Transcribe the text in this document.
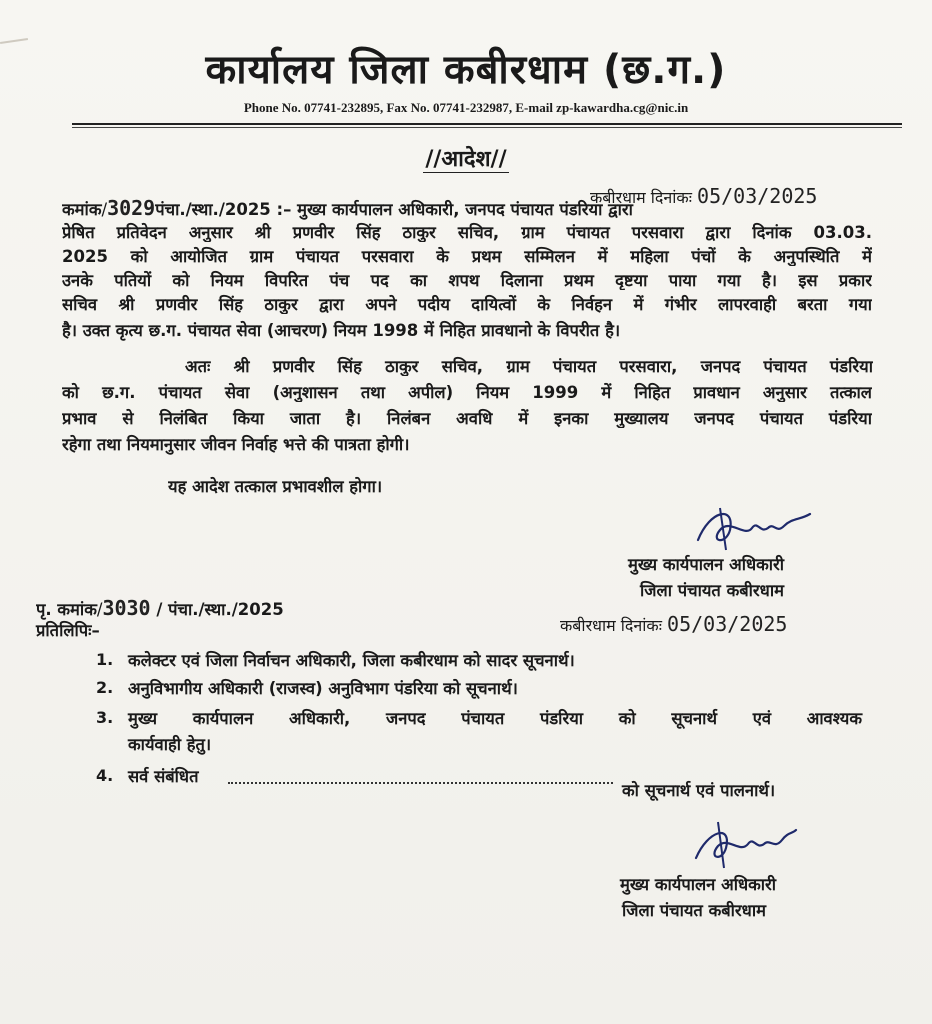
कार्यालय जिला कबीरधाम (छ.ग.)
Phone No. 07741-232895, Fax No. 07741-232987, E-mail zp-kawardha.cg@nic.in
//आदेश//
कबीरधाम दिनांकः 05/03/2025
कमांक/3029पंचा./स्था./2025 :– मुख्य कार्यपालन अधिकारी, जनपद पंचायत पंडरिया द्वारा
प्रेषित प्रतिवेदन अनुसार श्री प्रणवीर सिंह ठाकुर सचिव, ग्राम पंचायत परसवारा द्वारा दिनांक 03.03.
2025 को आयोजित ग्राम पंचायत परसवारा के प्रथम सम्मिलन में महिला पंचों के अनुपस्थिति में
उनके पतियों को नियम विपरित पंच पद का शपथ दिलाना प्रथम दृष्टया पाया गया है। इस प्रकार
सचिव श्री प्रणवीर सिंह ठाकुर द्वारा अपने पदीय दायित्वों के निर्वहन में गंभीर लापरवाही बरता गया
है। उक्त कृत्य छ.ग. पंचायत सेवा (आचरण) नियम 1998 में निहित प्रावधानो के विपरीत है।
अतः श्री प्रणवीर सिंह ठाकुर सचिव, ग्राम पंचायत परसवारा, जनपद पंचायत पंडरिया
को छ.ग. पंचायत सेवा (अनुशासन तथा अपील) नियम 1999 में निहित प्रावधान अनुसार तत्काल
प्रभाव से निलंबित किया जाता है। निलंबन अवधि में इनका मुख्यालय जनपद पंचायत पंडरिया
रहेगा तथा नियमानुसार जीवन निर्वाह भत्ते की पात्रता होगी।
यह आदेश तत्काल प्रभावशील होगा।
मुख्य कार्यपालन अधिकारी
जिला पंचायत कबीरधाम
पृ. कमांक/3030 / पंचा./स्था./2025
कबीरधाम दिनांकः 05/03/2025
प्रतिलिपिः–
1. कलेक्टर एवं जिला निर्वाचन अधिकारी, जिला कबीरधाम को सादर सूचनार्थ।
2. अनुविभागीय अधिकारी (राजस्व) अनुविभाग पंडरिया को सूचनार्थ।
3. मुख्य कार्यपालन अधिकारी, जनपद पंचायत पंडरिया को सूचनार्थ एवं आवश्यक
कार्यवाही हेतु।
4. सर्व संबंधित
को सूचनार्थ एवं पालनार्थ।
मुख्य कार्यपालन अधिकारी
जिला पंचायत कबीरधाम
